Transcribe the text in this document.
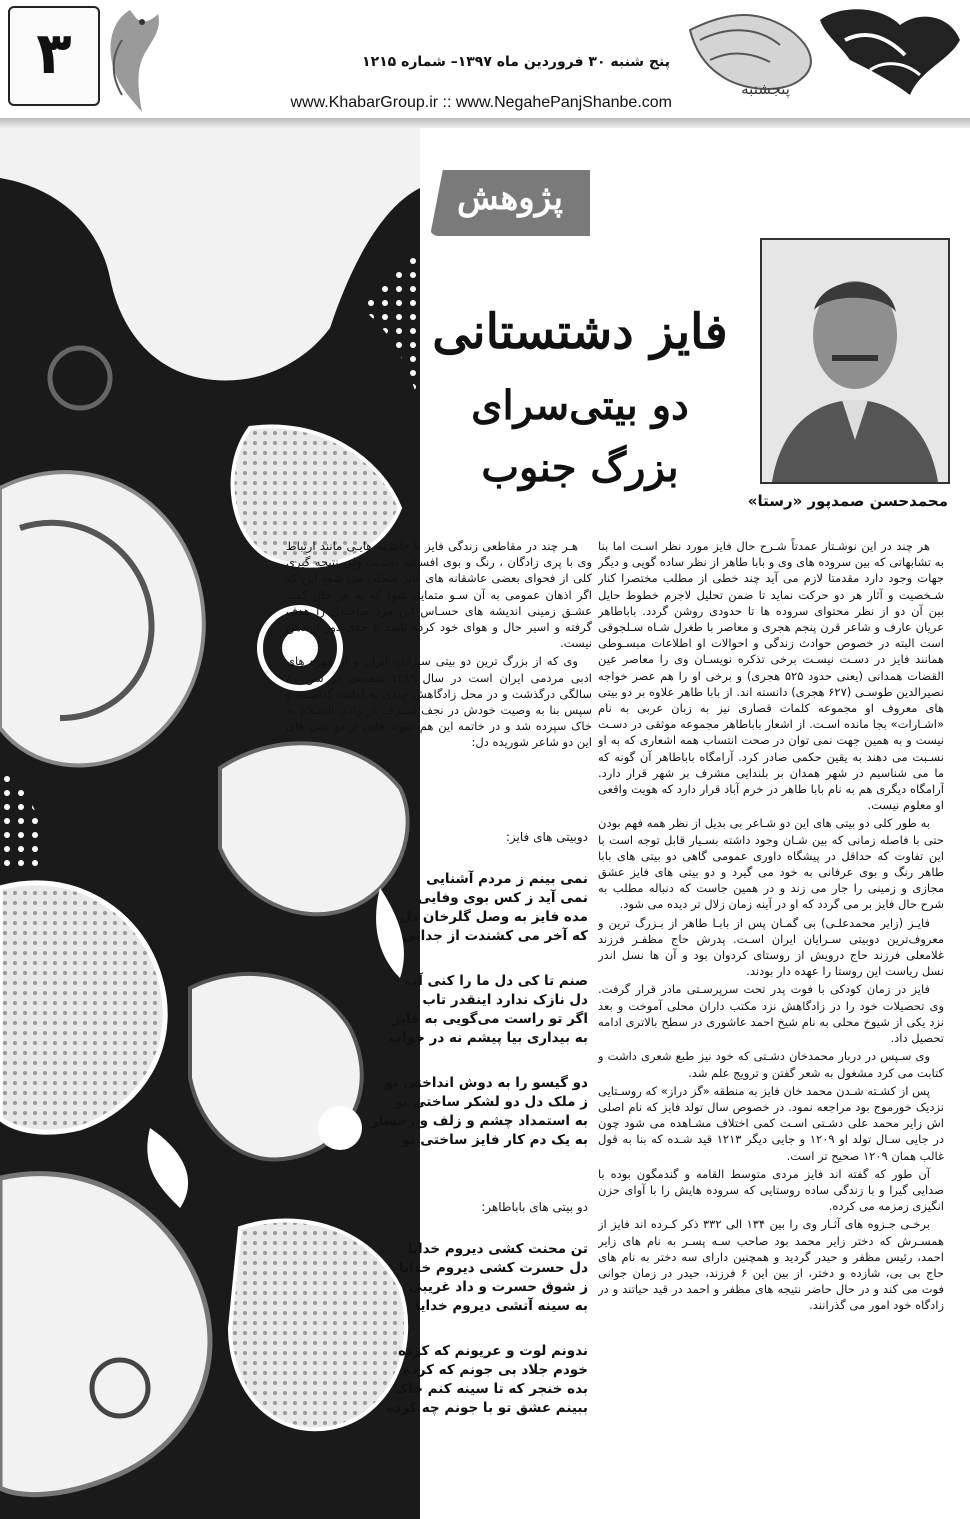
۳	پنج شنبه ۳۰ فروردین ماه ۱۳۹۷– شماره ۱۲۱۵
www.KhabarGroup.ir :: www.NegahePanjShanbe.com
پنجشنبه
پژوهش
محمدحسن صمدپور «رستا»
فایز دشتستانی
دو بیتی‌سرای
بزرگ جنوب

هر چند در این نوشـتار عمدتاً شـرح حال فایز مورد نظر اسـت اما بنا به تشابهاتی که بین سروده های وی و بابا طاهر از نظر ساده گویی و دیگر جهات وجود دارد مقدمتا لازم می آید چند خطی از مطلب مختصرا کنار شـخصیت و آثار هر دو حرکت نماید تا ضمن تحلیل لاجرم خطوط حایل بین آن دو از نظر محتوای سروده ها تا حدودی روشن گردد. باباطاهر عریان عارف و شاعر قرن پنجم هجری و معاصر با طغرل شـاه سـلجوقی است البته در خصوص حوادث زندگی و احوالات او اطلاعات مبسـوطی همانند فایز در دسـت نیسـت برخی تذکره نویسـان وی را معاصر عین القضات همدانی (یعنی حدود ۵۲۵ هجری) و برخی او را هم عصر خواجه نصیرالدین طوسـی (۶۲۷ هجری) دانسته اند. از بابا طاهر علاوه بر دو بیتی های معروف او مجموعه کلمات قصاری نیز به زبان عربی به نام «اشـارات» بجا مانده اسـت. از اشعار باباطاهر مجموعه موثقی در دسـت نیست و به همین جهت نمی توان در صحت انتساب همه اشعاری که به او نسـبت می دهند به یقین حکمی صادر کرد. آرامگاه باباطاهر آن گونه که ما می شناسیم در شهر همدان بر بلندایی مشرف بر شهر قرار دارد. آرامگاه دیگری هم به نام بابا طاهر در خرم آباد قرار دارد که هویت واقعی او معلوم نیست.

به طور کلی دو بیتی های این دو شـاعر بی بدیل از نظر همه فهم بودن حتی با فاصله زمانی که بین شـان وجود داشته بسـیار قابل توجه است با این تفاوت که حداقل در پیشگاه داوری عمومی گاهی دو بیتی های بابا طاهر رنگ و بوی عرفانی به خود می گیرد و دو بیتی های فایز عشق مجازی و زمینی را جار می زند و در همین جاست که دنباله مطلب به شرح حال فایز بر می گردد که او در آینه زمان زلال تر دیده می شود.

فایـز (زایر محمدعلـی) بی گمـان پس از بابـا طاهر از بـزرگ ترین و معروف‌ترین دوبیتی سـرایان ایران اسـت. پدرش حاج مظفـر فرزند غلامعلی فرزند حاج درویش از روستای کردوان بود و آن ها نسل اندر نسل ریاست این روستا را عهده دار بودند.

فایز در زمان کودکی با فوت پدر تحت سرپرسـتی مادر قرار گرفت. وی تحصیلات خود را در زادگاهش نزد مکتب داران محلی آموخت و بعد نزد یکی از شیوخ محلی به نام شیخ احمد عاشوری در سطح بالاتری ادامه تحصیل داد.

وی سـپس در دربار محمدخان دشـتی که خود نیز طبع شعری داشت و کتابت می کرد مشغول به شعر گفتن و ترویج علم شد.

پس از کشـته شـدن محمد خان فایز به منطقه «گز دراز» که روسـتایی نزدیک خورموج بود مراجعه نمود. در خصوص سال تولد فایز که نام اصلی اش زایر محمد علی دشـتی اسـت کمی اختلاف مشـاهده می شود چون در جایی سـال تولد او ۱۲۰۹ و جایی دیگر ۱۲۱۳ قید شـده که بنا به قول غالب همان ۱۲۰۹ صحیح تر است.

آن طور که گفته اند فایز مردی متوسط القامه و گندمگون بوده با صدایی گیرا و با زندگی ساده روستایی که سروده هایش را با آوای حزن انگیزی زمزمه می کرده.

برخـی جـزوه های آثـار وی را بین ۱۳۴ الی ۳۳۲ ذکر کـرده اند فایز از همسـرش که دختر زایر محمد بود صاحب سـه پسـر به نام های زایر احمد، رئیس مظفر و حیدر گردید و همچنین دارای سه دختر به نام های حاج بی بی، شازده و دختر، از بین این ۶ فرزند، حیدر در زمان جوانی فوت می کند و در حال حاضر نتیجه های مظفر و احمد در قید حیاتند و در زادگاه خود امور می گذرانند.

هـر چند در مقاطعی زندگی فایز با حاشـیه هایـی مانند ارتباط وی با پری زادگان ، رنگ و بوی افسـانه داشـت ولی نتیجه گیری کلی از فحوای بعضی عاشقانه های فایز متجلی می شود این که اگر اذهان عمومی به آن سـو متمایل شود که به هر حال کمند عشـق زمینی اندیشه های حسـاس این مرد صاحبدل را هدف گرفته و اسیر حال و هوای خود کرده باشد تا حدی دور از ذهن نیست.

وی که از بزرگ ترین دو بیتی سـرایان ایران و از چهره های ادبی مردمی ایران است در سال ۱۲۸۹ شمسی در سن ۸۰ سالگی درگذشت و در محل زادگاهش چندی به امانت گذاشـته و سپس بنا به وصیت خودش در نجف اشـرف در وادی السـلام به خاک سپرده شد و در خاتمه این هم نمونه هایی از دو بیتی های این دو شاعر شوریده دل:

دوبیتی های فایز:
نمی بینم ز مردم آشنایی
نمی آید ز کس بوی وفایی
مده فایز به وصل گلرخان دل
که آخر می کشندت از جدایی
صنم تا کی دل ما را کنی آب
دل نازک ندارد اینقدر تاب
اگر تو راست می‌گویی به فایز
به بیداری بیا پیشم نه در خواب
دو گیسو را به دوش انداختی تو
ز ملک دل دو لشکر ساختی تو
به استمداد چشم و زلف و رخسار
به یک دم کار فایز ساختی تو
دو بیتی های باباطاهر:
تن محنت کشی دیروم خدایا
دل حسرت کشی دیروم خدایا
ز شوق حسرت و داد غریبی
به سینه آتشی دیروم خدایا
ندونم لوت و عریونم که کرده
خودم جلاد بی جونم که کرده
بده خنجر که تا سینه کنم چاک
ببینم عشق تو با جونم چه کرده
